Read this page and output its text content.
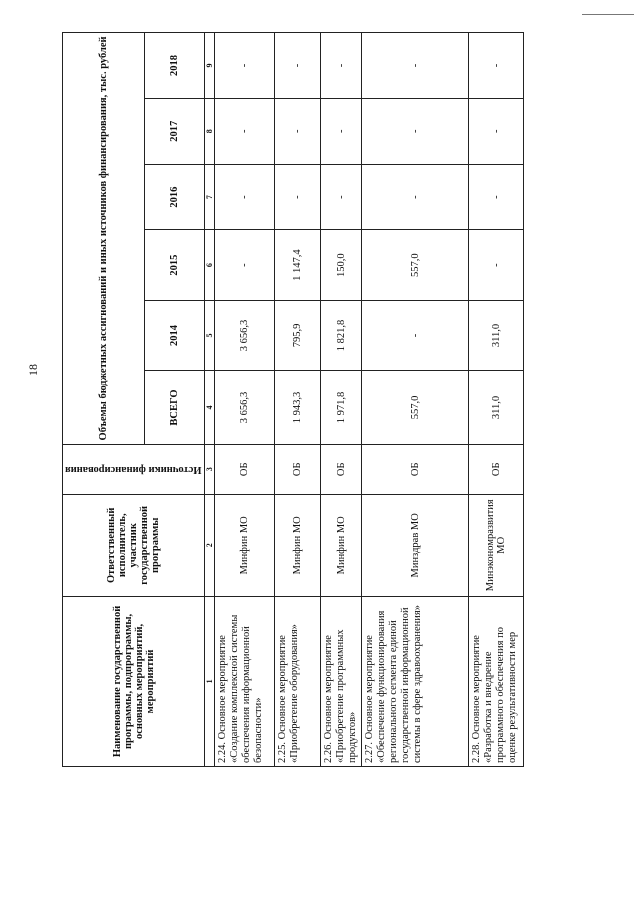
18
Наименование государственной программы, подпрограммы, основных мероприятий, мероприятий	Ответственный исполнитель, участник государственной программы	Источники финансирования	Объемы бюджетных ассигнований и иных источников финансирования, тыс. рублей					
			ВСЕГО	2014	2015	2016	2017	2018
1	2	3	4	5	6	7	8	9
2.24. Основное мероприятие «Создание комплексной системы обеспечения информационной безопасности»	Минфин МО	ОБ	3 656,3	3 656,3	-	-	-	-
2.25. Основное мероприятие «Приобретение оборудования»	Минфин МО	ОБ	1 943,3	795,9	1 147,4	-	-	-
2.26. Основное мероприятие «Приобретение программных продуктов»	Минфин МО	ОБ	1 971,8	1 821,8	150,0	-	-	-
2.27. Основное мероприятие «Обеспечение функционирования регионального сегмента единой государственной информационной системы в сфере здравоохранения»	Минздрав МО	ОБ	557,0	-	557,0	-	-	-
2.28. Основное мероприятие «Разработка и внедрение программного обеспечения по оценке результативности мер	Минэкономразвития МО	ОБ	311,0	311,0	-	-	-	-
